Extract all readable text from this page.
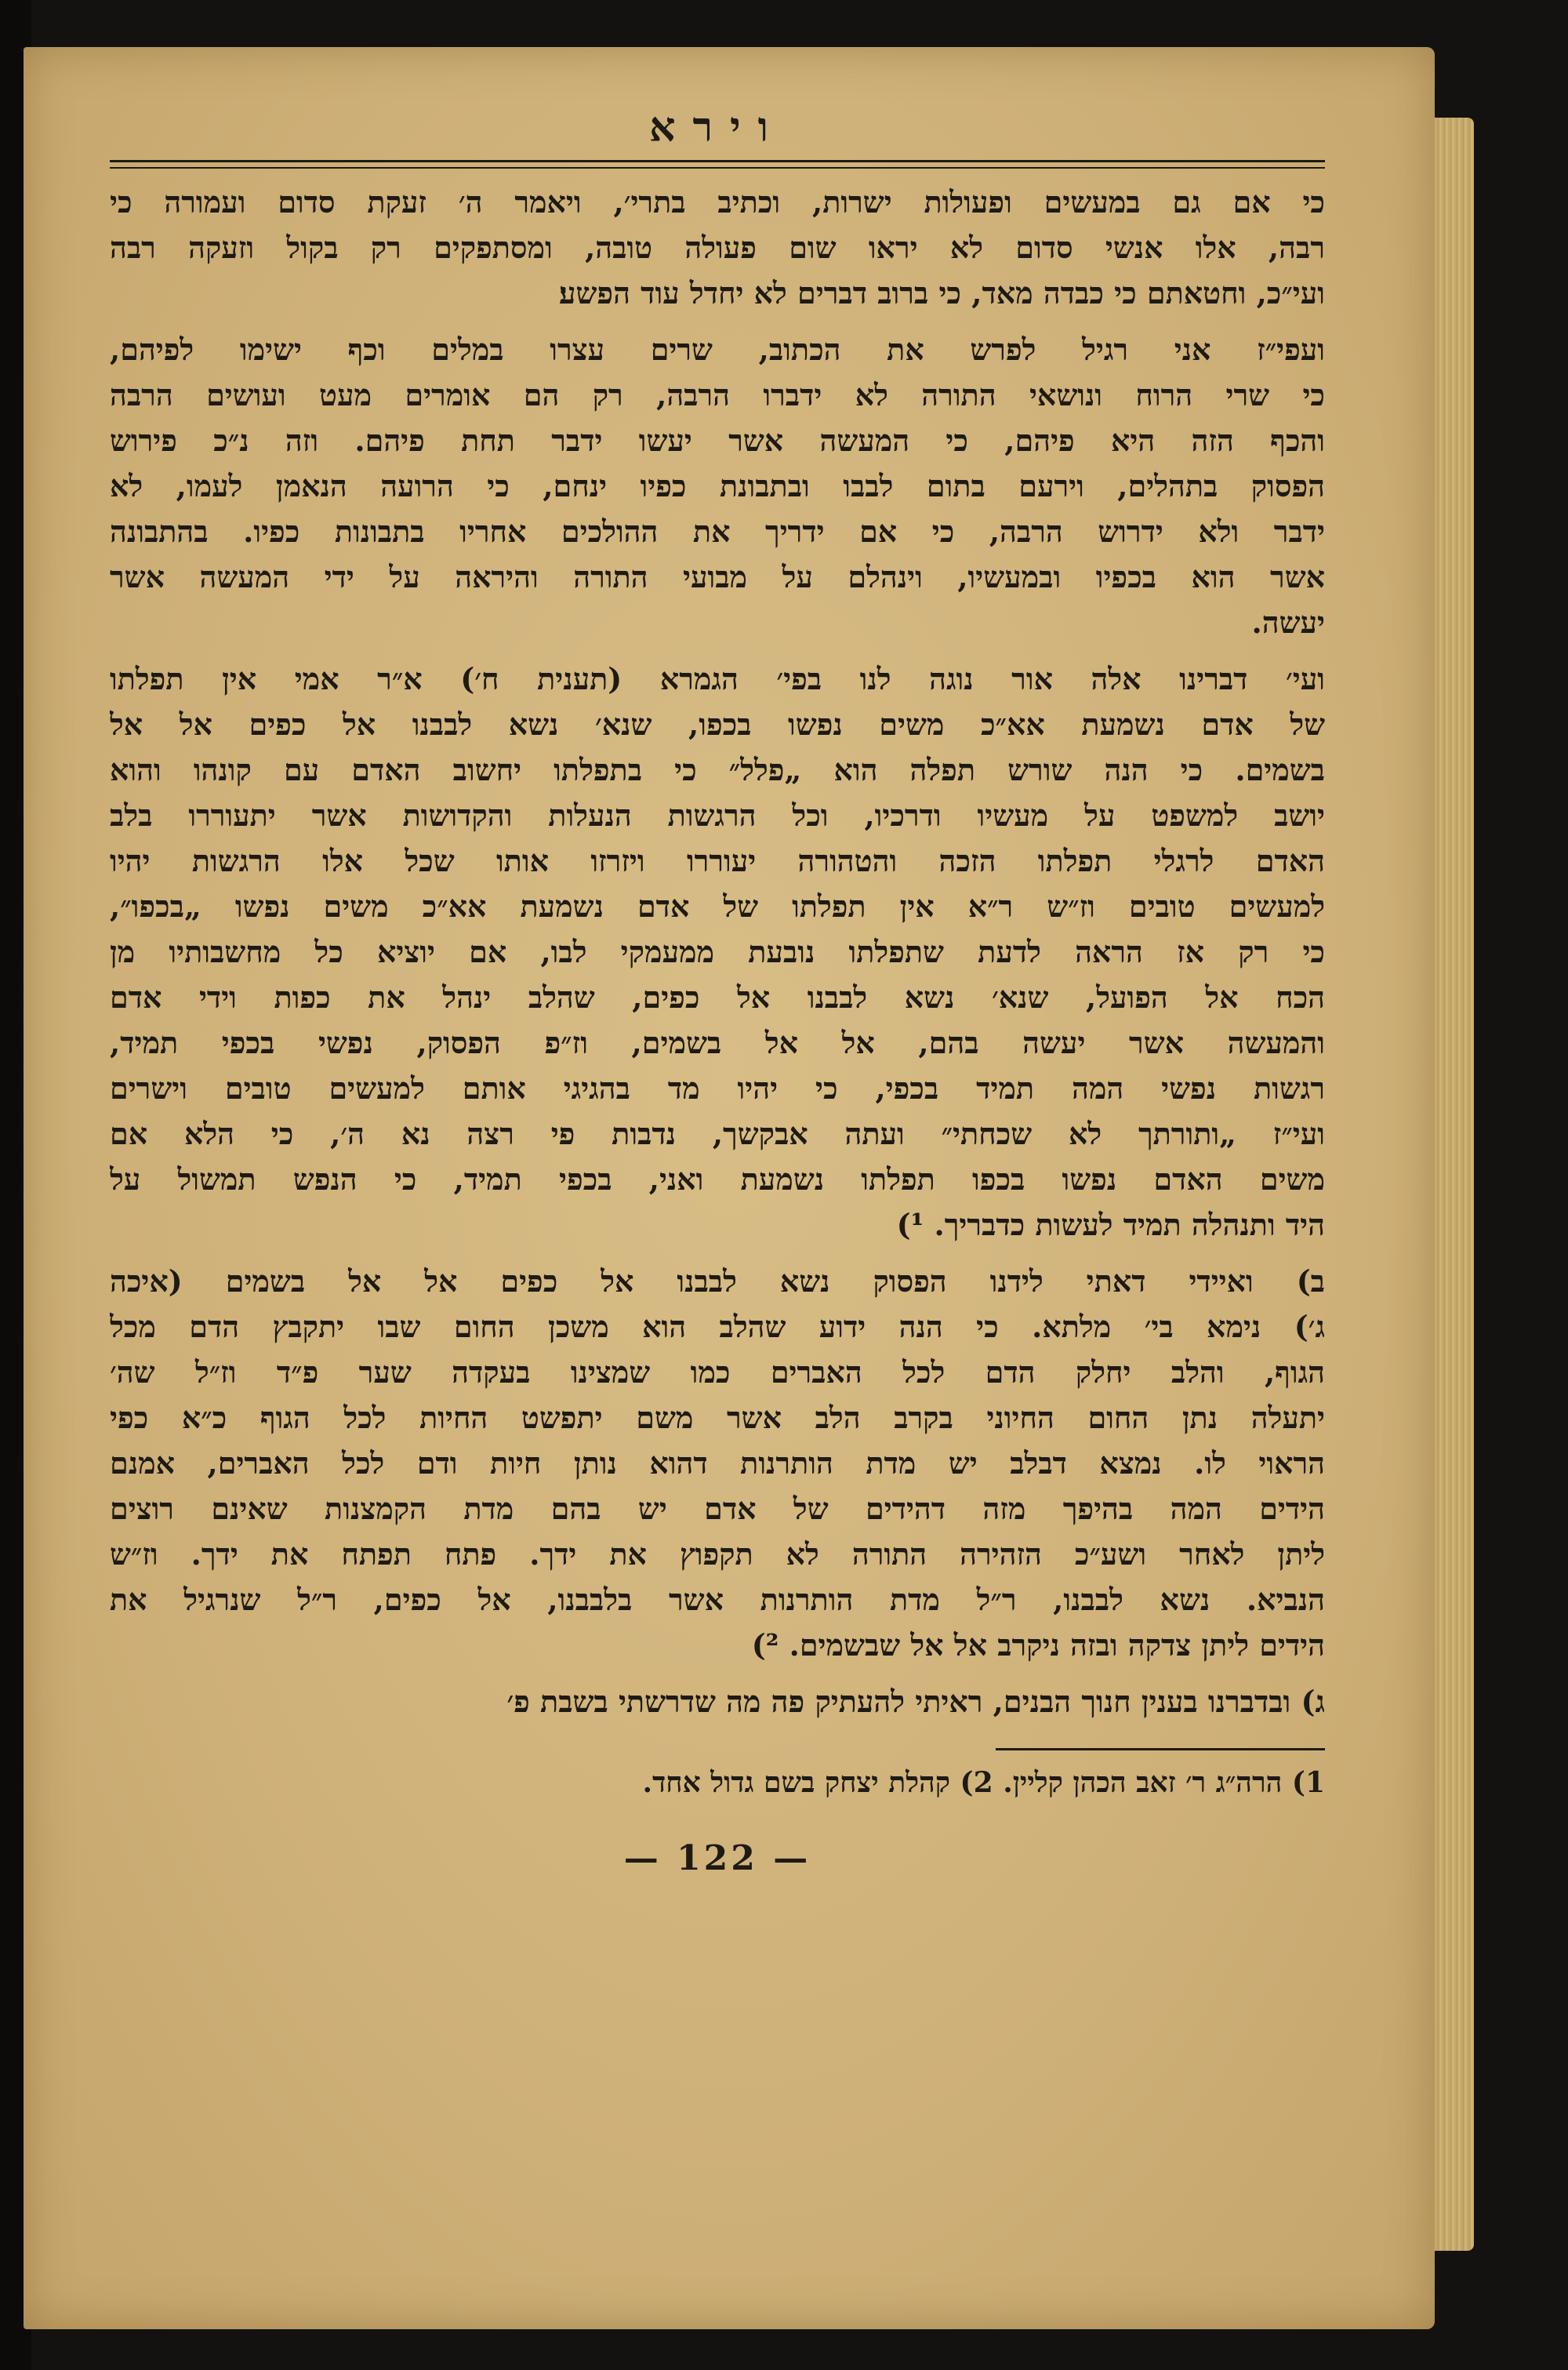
וירא
כי אם גם במעשים ופעולות ישרות, וכתיב בתרי׳, ויאמר ה׳ זעקת סדום ועמורה כי
רבה, אלו אנשי סדום לא יראו שום פעולה טובה, ומסתפקים רק בקול וזעקה רבה
ועי״כ, וחטאתם כי כבדה מאד, כי ברוב דברים לא יחדל עוד הפשע׃
ועפי״ז אני רגיל לפרש את הכתוב, שרים עצרו במלים וכף ישימו לפיהם,
כי שרי הרוח ונושאי התורה לא ידברו הרבה, רק הם אומרים מעט ועושים הרבה
והכף הזה היא פיהם, כי המעשה אשר יעשו ידבר תחת פיהם. וזה נ״כ פירוש
הפסוק בתהלים, וירעם בתום לבבו ובתבונת כפיו ינחם, כי הרועה הנאמן לעמו, לא
ידבר ולא ידרוש הרבה, כי אם ידריך את ההולכים אחריו בתבונות כפיו. בהתבונה
אשר הוא בכפיו ובמעשיו, וינהלם על מבועי התורה והיראה על ידי המעשה אשר
יעשה.
ועי׳ דברינו אלה אור נוגה לנו בפי׳ הגמרא (תענית ח׳) א״ר אמי אין תפלתו
של אדם נשמעת אא״כ משים נפשו בכפו, שנא׳ נשא לבבנו אל כפים אל אל
בשמים. כי הנה שורש תפלה הוא „פלל״ כי בתפלתו יחשוב האדם עם קונהו והוא
יושב למשפט על מעשיו ודרכיו, וכל הרגשות הנעלות והקדושות אשר יתעוררו בלב
האדם לרגלי תפלתו הזכה והטהורה יעוררו ויזרזו אותו שכל אלו הרגשות יהיו
למעשים טובים וז״ש ר״א אין תפלתו של אדם נשמעת אא״כ משים נפשו „בכפו״,
כי רק אז הראה לדעת שתפלתו נובעת ממעמקי לבו, אם יוציא כל מחשבותיו מן
הכח אל הפועל, שנא׳ נשא לבבנו אל כפים, שהלב ינהל את כפות וידי אדם
והמעשה אשר יעשה בהם, אל אל בשמים, וז״פ הפסוק, נפשי בכפי תמיד,
רגשות נפשי המה תמיד בכפי, כי יהיו מד בהגיגי אותם למעשים טובים וישרים
ועי״ז „ותורתך לא שכחתי״ ועתה אבקשך, נדבות פי רצה נא ה׳, כי הלא אם
משים האדם נפשו בכפו תפלתו נשמעת ואני, בכפי תמיד, כי הנפש תמשול על
היד ותנהלה תמיד לעשות כדבריך. ¹)
ב) ואיידי דאתי לידנו הפסוק נשא לבבנו אל כפים אל אל בשמים (איכה
ג׳) נימא בי׳ מלתא. כי הנה ידוע שהלב הוא משכן החום שבו יתקבץ הדם מכל
הגוף, והלב יחלק הדם לכל האברים כמו שמצינו בעקדה שער פ״ד וז״ל שה׳
יתעלה נתן החום החיוני בקרב הלב אשר משם יתפשט החיות לכל הגוף כ״א כפי
הראוי לו. נמצא דבלב יש מדת הותרנות דהוא נותן חיות ודם לכל האברים, אמנם
הידים המה בהיפך מזה דהידים של אדם יש בהם מדת הקמצנות שאינם רוצים
ליתן לאחר ושע״כ הזהירה התורה לא תקפוץ את ידך. פתח תפתח את ידך. וז״ש
הנביא. נשא לבבנו, ר״ל מדת הותרנות אשר בלבבנו, אל כפים, ר״ל שנרגיל את
הידים ליתן צדקה ובזה ניקרב אל אל שבשמים. ²)
ג) ובדברנו בענין חנוך הבנים, ראיתי להעתיק פה מה שדרשתי בשבת פ׳
1) הרה״ג ר׳ זאב הכהן קליין. 2) קהלת יצחק בשם גדול אחד.
— 122 —
